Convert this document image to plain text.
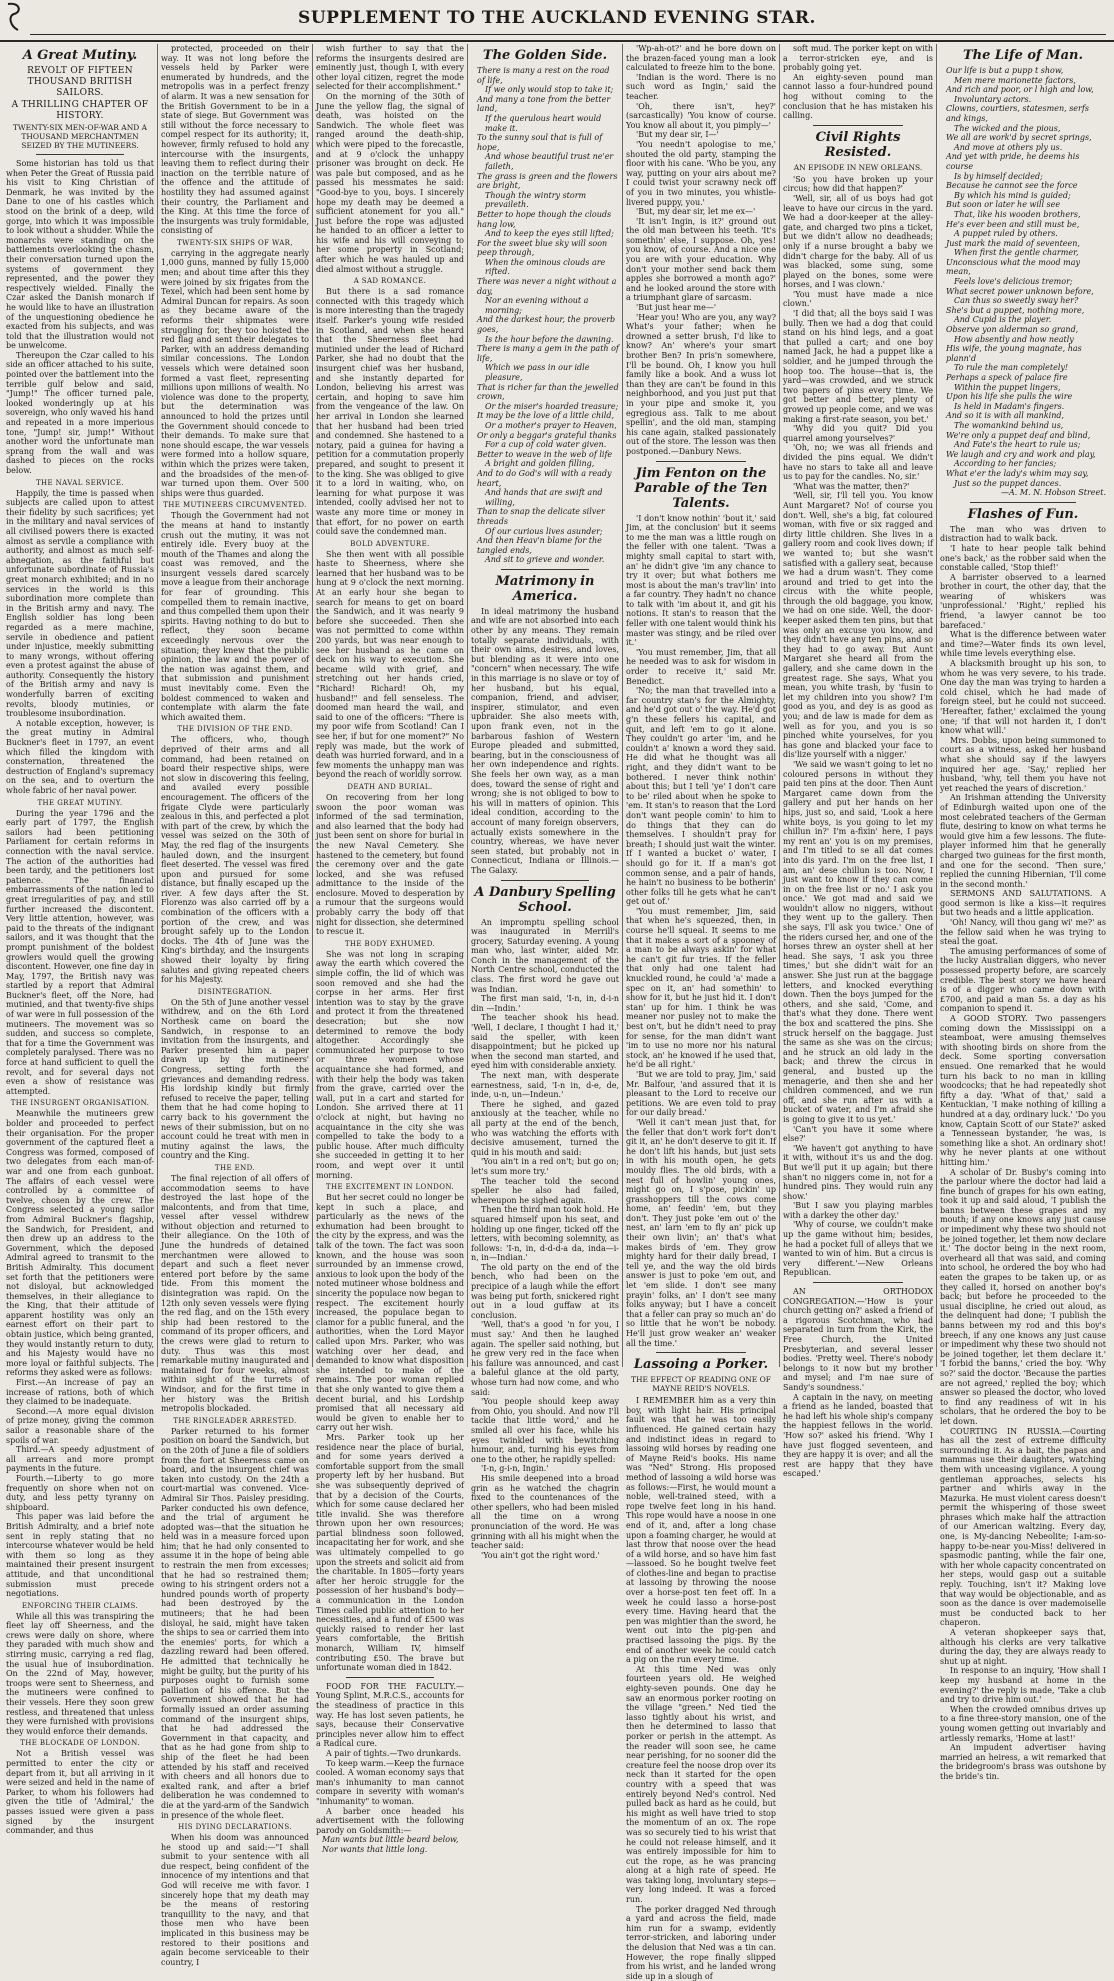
SUPPLEMENT TO THE AUCKLAND EVENING STAR.
A Great Mutiny.
REVOLT OF FIFTEEN THOUSAND BRITISH SAILORS.
A THRILLING CHAPTER OF HISTORY.
TWENTY-SIX MEN-OF-WAR AND A THOUSAND MERCHANTMEN SEIZED BY THE MUTINEERS.

Some historian has told us that when Peter the Great of Russia paid his visit to King Christian of Denmark, he was invited by the Dane to one of his castles which stood on the brink of a deep, wild gorge, into which it was impossible to look without a shudder. While the monarchs were standing on the battlements overlooking the chasm, their conversation turned upon the systems of government they represented, and the power they respectively wielded. Finally the Czar asked the Danish monarch if he would like to have an illustration of the unquestioning obedience he exacted from his subjects, and was told that the illustration would not be unwelcome.

Thereupon the Czar called to his side an officer attached to his suite, pointed over the battlement into the terrible gulf below and said, "Jump!" The officer turned pale, looked wonderingly up at his sovereign, who only waved his hand and repeated in a more imperious tone, "Jump! sir, jump!" Without another word the unfortunate man sprang from the wall and was dashed to pieces on the rocks below.

THE NAVAL SERVICE.

Happily, the time is passed when subjects are called upon to attest their fidelity by such sacrifices; yet in the military and naval services of all civilised powers there is exacted almost as servile a compliance with authority, and almost as much self-abnegation, as the faithful but unfortunate subordinate of Russia's great monarch exhibited; and in no services in the world is this subordination more complete than in the British army and navy. The English soldier has long been regarded as a mere machine, servile in obedience and patient under injustice, meekly submitting to many wrongs, without offering even a protest against the abuse of authority. Consequently the history of the British army and navy is wonderfully barren of exciting revolts, bloody mutinies, or troublesome insubordination.

A notable exception, however, is the great mutiny in Admiral Buckner's fleet in 1797, an event which filled the kingdom with consternation, threatened the destruction of England's supremacy on the sea, and to overturn the whole fabric of her naval power.

THE GREAT MUTINY.

During the year 1796 and the early part of 1797, the English sailors had been petitioning Parliament for certain reforms in connection with the naval service. The action of the authorities had been tardy, and the petitioners lost patience. The financial embarrassments of the nation led to great irregularities of pay, and still further increased the discontent. Very little attention, however, was paid to the threats of the indignant sailors, and it was thought that the prompt punishment of the boldest growlers would quell the growing discontent. However, one fine day in May, 1797, the British navy was startled by a report that Admiral Buckner's fleet, off the Nore, had mutinied, and that twenty-five ships of war were in full possession of the mutineers. The movement was so sudden, and success so complete, that for a time the Government was completely paralysed. There was no force at hand sufficient to quell the revolt, and for several days not even a show of resistance was attempted.

THE INSURGENT ORGANISATION.

Meanwhile the mutineers grew bolder and proceeded to perfect their organisation. For the proper government of the captured fleet a Congress was formed, composed of two delegates from each man-of-war and one from each gunboat. The affairs of each vessel were controlled by a committee of twelve, chosen by the crew. The Congress selected a young sailor from Admiral Buckner's flagship, the Sandwich, for President, and then drew up an address to the Government, which the deposed Admiral agreed to transmit to the British Admiralty. This document set forth that the petitioners were not disloyal, but acknowledged themselves, in their allegiance to the King, that their attitude of apparent hostility was only an earnest effort on their part to obtain justice, which being granted, they would instantly return to duty, and his Majesty would have no more loyal or faithful subjects. The reforms they asked were as follows:

First.—An increase of pay an increase of rations, both of which they claimed to be inadequate.

Second.—A more equal division of prize money, giving the common sailor a reasonable share of the spoils of war.

Third.—A speedy adjustment of all arrears and more prompt payments in the future.

Fourth.—Liberty to go more frequently on shore when not on duty, and less petty tyranny on shipboard.

This paper was laid before the British Admiralty, and a brief note sent in reply stating that no intercourse whatever would be held with them so long as they maintained their present insurgent attitude, and that unconditional submission must precede negotiations.

ENFORCING THEIR CLAIMS.

While all this was transpiring the fleet lay off Sheerness, and the crews were daily on shore, where they paraded with much show and stirring music, carrying a red flag, the usual hue of insubordination. On the 22nd of May, however, troops were sent to Sheerness, and the mutineers were confined to their vessels. Here they soon grew restless, and threatened that unless they were furnished with provisions they would enforce their demands.

THE BLOCKADE OF LONDON.

Not a British vessel was permitted to enter the city or depart from it, but all arriving in it were seized and held in the name of Parker, to whom his followers had given the title of 'Admiral,' the passes issued were given a pass signed by the insurgent commander, and thus

protected, proceeded on their way. It was not long before the vessels held by Parker were enumerated by hundreds, and the metropolis was in a perfect frenzy of alarm. It was a new sensation for the British Government to be in a state of siege. But Government was still without the force necessary to compel respect for its authority; it, however, firmly refused to hold any intercourse with the insurgents, leaving them to reflect during their inaction on the terrible nature of the offence and the attitude of hostility they had assumed against their country, the Parliament and the King. At this time the force of the insurgents was truly formidable, consisting of

TWENTY-SIX SHIPS OF WAR,

carrying in the aggregate nearly 1,000 guns, manned by fully 15,000 men; and about time after this they were joined by six frigates from the Texel, which had been sent home by Admiral Duncan for repairs. As soon as they became aware of the reforms their shipmates were struggling for, they too hoisted the red flag and sent their delegates to Parker, with an address demanding similar concessions. The London vessels which were detained soon formed a vast fleet, representing millions upon millions of wealth. No violence was done to the property, but the determination was announced to hold the prizes until the Government should concede to their demands. To make sure that none should escape, the war vessels were formed into a hollow square, within which the prizes were taken, and the broadsides of the men-of-war turned upon them. Over 500 ships were thus guarded.

THE MUTINEERS CIRCUMVENTED.

Though the Government had not the means at hand to instantly crush out the mutiny, it was not entirely idle. Every buoy at the mouth of the Thames and along the coast was removed, and the insurgent vessels dared scarcely move a league from their anchorage for fear of grounding. This compelled them to remain inactive, and thus compelled them upon their spirits. Having nothing to do but to reflect, they soon became exceedingly nervous over the situation; they knew that the public opinion, the law and the power of the nation was against them, and that submission and punishment must inevitably come. Even the boldest commenced to waken and contemplate with alarm the fate which awaited them.

THE DIVISION OF THE END.

The officers, who, though deprived of their arms and all command, had been retained on board their respective ships, were not slow in discovering this feeling, and availed every possible encouragement. The officers of the frigate Clyde were particularly zealous in this, and perfected a plot with part of the crew, by which the vessel was seized on the 30th of May, the red flag of the insurgents hauled down, and the insurgent fleet deserted. The vessel was fired upon and pursued for some distance, but finally escaped up the river. A few days after the St. Florenzo was also carried off by a combination of the officers with a portion of the crew, and was brought safely up to the London docks. The 4th of June was the King's birthday, and the insurgents showed their loyalty by firing salutes and giving repeated cheers for his Majesty.

DISINTEGRATION.

On the 5th of June another vessel withdrew, and on the 6th Lord Northesk came on board the Sandwich, in response to an invitation from the insurgents, and Parker presented him a paper drawn up by the mutineers' Congress, setting forth the grievances and demanding redress. His lordship kindly but firmly refused to receive the paper, telling them that he had come hoping to carry back to his government the news of their submission, but on no account could he treat with men in mutiny against the laws, the country and the King.

THE END.

The final rejection of all offers of accommodation seems to have destroyed the last hope of the malcontents, and from that time, vessel after vessel withdrew without objection and returned to their allegiance. On the 10th of June the hundreds of detained merchantmen were allowed to depart and such a fleet never entered port before by the same tide. From this moment the disintegration was rapid. On the 12th only seven vessels were flying the red flag, and on the 15th every ship had been restored to the command of its proper officers, and the crews were glad to return to duty. Thus was this most remarkable mutiny inaugurated and maintained for four weeks, almost within sight of the turrets of Windsor, and for the first time in her history was the British metropolis blockaded.

THE RINGLEADER ARRESTED.

Parker returned to his former position on board the Sandwich, but on the 20th of June a file of soldiers from the fort at Sheerness came on board, and the insurgent chief was taken into custody. On the 24th a court-martial was convened. Vice-Admiral Sir Thos. Paisley presiding. Parker conducted his own defence, and the trial of argument he adopted was—that the situation he held was in a measure forced upon him; that he had only consented to assume it in the hope of being able to restrain the men from excesses; that he had so restrained them; owing to his stringent orders not a hundred pounds worth of property had been destroyed by the mutineers; that he had been disloyal, he said, might have taken the ships to sea or carried them into the enemies' ports, for which a dazzling reward had been offered. He admitted that technically he might be guilty, but the purity of his purposes ought to furnish some palliation of his offence. But the Government showed that he had formally issued an order assuming command of the insurgent ships, that he had addressed the Government in that capacity, and that as he had gone from ship to ship of the fleet he had been attended by his staff and received with cheers and all honors due to exalted rank, and after a brief deliberation he was condemned to die at the yard-arm of the Sandwich in presence of the whole fleet.

HIS DYING DECLARATIONS.

When his doom was announced he stood up and said:—"I shall submit to your sentence with all due respect, being confident of the innocence of my intentions and that God will receive me with favor. I sincerely hope that my death may be the means of restoring tranquillity to the navy, and that those men who have been implicated in this business may be restored to their positions and again become serviceable to their country, I

wish further to say that the reforms the insurgents desired are eminently just, though I, with every other loyal citizen, regret the mode selected for their accomplishment."

On the morning of the 30th of June the yellow flag, the signal of death, was hoisted on the Sandwich. The whole fleet was ranged around the death-ship, which were piped to the forecastle, and at 9 o'clock the unhappy prisoner was brought on deck. He was pale but composed, and as he passed his messmates he said: "Good-bye to you, boys. I sincerely hope my death may be deemed a sufficient atonement for you all." Just before the rope was adjusted he handed to an officer a letter to his wife and his will conveying to her some property in Scotland; after which he was hauled up and died almost without a struggle.

A SAD ROMANCE.

But there is a sad romance connected with this tragedy which is more interesting than the tragedy itself. Parker's young wife resided in Scotland, and when she heard that the Sheerness fleet had mutinied under the lead of Richard Parker, she had no doubt that the insurgent chief was her husband, and she instantly departed for London, believing his arrest was certain, and hoping to save him from the vengeance of the law. On her arrival in London she learned that her husband had been tried and condemned. She hastened to a notary, paid a guinea for having a petition for a commutation properly prepared, and sought to present it to the king. She was obliged to give it to a lord in waiting, who, on learning for what purpose it was intended, coolly advised her not to waste any more time or money in that effort, for no power on earth could save the condemned man.

BOLD ADVENTURE.

She then went with all possible haste to Sheerness, where she learned that her husband was to be hung at 9 o'clock the next morning. At an early hour she began to search for means to get on board the Sandwich, and it was nearly 9 before she succeeded. Then she was not permitted to come within 200 yards, but was near enough to see her husband as he came on deck on his way to execution. She became wild with grief, and stretching out her hands cried, "Richard! Richard! Oh, my husband!" and fell senseless. The doomed man heard the wail, and said to one of the officers: "There is my poor wife from Scotland! Can I see her, if but for one moment?" No reply was made, but the work of death was hurried forward, and in a few moments the unhappy man was beyond the reach of worldly sorrow.

DEATH AND BURIAL.

On recovering from her long swoon the poor woman was informed of the sad termination, and also learned that the body had just been sent on shore for burial in the new Naval Cemetery. She hastened to the cemetery, but found the ceremony over and the gate locked, and she was refused admittance to the inside of the enclosure. Moved to desperation by a rumour that the surgeons would probably carry the body off that night for dissection, she determined to rescue it.

THE BODY EXHUMED.

She was not long in scraping away the earth which covered the simple coffin, the lid of which was soon removed and she had the corpse in her arms. Her first intention was to stay by the grave and protect it from the threatened desecration; but she now determined to remove the body altogether. Accordingly she communicated her purpose to two or three women whose acquaintance she had formed, and with their help the body was taken from the grave, carried over the wall, put in a cart and started for London. She arrived there at 11 o'clock at night, but having no acquaintance in the city she was compelled to take the body to a public house. After much difficulty she succeeded in getting it to her room, and wept over it until morning.

THE EXCITEMENT IN LONDON.

But her secret could no longer be kept in such a place, and particularly as the news of the exhumation had been brought to the city by the express, and was the talk of the town. The fact was soon known, and the house was soon surrounded by an immense crowd, anxious to look upon the body of the noted mutineer whose boldness and sincerity the populace now began to respect. The excitement hourly increased, the populace began to clamor for a public funeral, and the authorities, when the Lord Mayor called upon Mrs. Parker, who was watching over her dead, and demanded to know what disposition she intended to make of the remains. The poor woman replied that she only wanted to give them a decent burial, and his Lordship promised that all necessary aid would be given to enable her to carry out her wish.

Mrs. Parker took up her residence near the place of burial, and for some years derived a comfortable support from the small property left by her husband. But she was subsequently deprived of that by a decision of the Courts, which for some cause declared her title invalid. She was therefore thrown upon her own resources; partial blindness soon followed, incapacitating her for work, and she was ultimately compelled to go upon the streets and solicit aid from the charitable. In 1805—forty years after her heroic struggle for the possession of her husband's body—a communication in the London Times called public attention to her necessities, and a fund of £500 was quickly raised to render her last years comfortable, the British monarch, William IV, himself contributing £50. The brave but unfortunate woman died in 1842.

FOOD FOR THE FACULTY.—Young Splint, M.R.C.S., accounts for the steadiness of practice in this way. He has lost seven patients, he says, because their Conservative principles never allow him to effect a Radical cure.

A pair of tights.—Two drunkards.

To keep warm.—Keep the furnace cooled. A woman economy says that man's inhumanity to man cannot compare in severity with woman's "inhumanity" to woman.

A barber once headed his advertisement with the following parody on Goldsmith:—

Man wants but little beard below,

Nor wants that little long.

The Golden Side.

There is many a rest on the road of life,

If we only would stop to take it;

And many a tone from the better land,

If the querulous heart would make it.

To the sunny soul that is full of hope,

And whose beautiful trust ne'er faileth,

The grass is green and the flowers are bright,

Though the wintry storm prevaileth.

Better to hope though the clouds hang low,

And to keep the eyes still lifted;

For the sweet blue sky will soon peep through,

When the ominous clouds are rifted.

There was never a night without a day,

Nor an evening without a morning;

And the darkest hour, the proverb goes,

Is the hour before the dawning.

There is many a gem in the path of life,

Which we pass in our idle pleasure,

That is richer far than the jewelled crown,

Or the miser's hoarded treasure;

It may be the love of a little child,

Or a mother's prayer to Heaven,

Or only a beggar's grateful thanks

For a cup of cold water given.

Better to weave in the web of life

A bright and golden filling,

And to do God's will with a ready heart,

And hands that are swift and willing,

Than to snap the delicate silver threads

Of our curious lives asunder;

And then Heav'n blame for the tangled ends,

And sit to grieve and wonder.

Matrimony in America.

In ideal matrimony the husband and wife are not absorbed into each other by any means. They remain totally separate individuals, with their own aims, desires, and loves, but blending as it were into one "concern" when necessary. The wife in this marriage is no slave or toy of her husband, but his equal, companion, friend, and adviser, inspirer, stimulator, and even upbraider. She also meets with, upon frank even, not in the barbarous fashion of Western Europe pleaded and submitted, bearing, but in the consciousness of her own independence and rights. She feels her own way, as a man does, toward the sense of right and wrong; she is not obliged to bow to his will in matters of opinion. This ideal condition, according to the account of many foreign observers, actually exists somewhere in the country, whereas, we have never seen stated, but probably not in Connecticut, Indiana or Illinois.—The Galaxy.

A Danbury Spelling School.

An impromptu spelling school was inaugurated in Merrill's grocery, Saturday evening. A young man who, last winter, aided Mr. Conch in the management of the North Centre school, conducted the class. The first word he gave out was Indian.

The first man said, 'I-n, in, d-i-n din —Indin.'

The teacher shook his head. 'Well, I declare, I thought I had it,' said the speller, with keen disappointment; but he picked up when the second man started, and eyed him with considerable anxiety.

The next man, with desperate earnestness, said, 'I-n in, d-e, de, inde, u-n, un—Indeun.'

There he sighed, and gazed anxiously at the teacher, while no all party at the end of the bench, who was watching the efforts with decisive amusement, turned the quid in his mouth and said:

'You ain't in a red on't; but go on; let's sum more try.'

The teacher told the second speller he also had failed, whereupon he sighed again.

Then the third man took hold. He squared himself upon his seat, and holding up one finger, ticked off the letters, with becoming solemnity, as follows: 'I-n, in, d-d-d-a da, inda—i-n, in—Indian.'

The old party on the end of the bench, who had been on the precipice of a laugh while the effort was being put forth, snickered right out in a loud guffaw at its conclusion.

'Well, that's a good 'n for you, I must say.' And then he laughed again. The speller said nothing, but he grew very red in the face when his failure was announced, and cast a baleful glance at the old party, whose turn had now come, and who said:

'You people should keep away from Ohio, you should. And now I'll tackle that little word,' and he smiled all over his face, while his eyes twinkled with bewitching humour, and, turning his eyes from one to the other, he rapidly spelled:

'I-n, g-i-n, Ingin.'

His smile deepened into a broad grin as he watched the chagrin fixed to the countenances of the other spellers, who had been misled all the time on a wrong pronunciation of the word. He was grinning with all his might when the teacher said:

'You ain't got the right word.'

'Wp-ah-ot?' and he bore down on the brazen-faced young man a look calculated to freeze him to the bone.

'Indian is the word. There is no such word as Ingin,' said the teacher.

'Oh, there isn't, hey?' (sarcastically) 'You know of course. You know all about it, you pimply—'

'But my dear sir, I—'

'You needn't apologise to me,' shouted the old party, stamping the floor with his cane. 'Who be you, any way, putting on your airs about me? I could twist your scrawny neck off of you in two minutes, you whistle-livered puppy, you.'

'But, my dear sir, let me ex—'

'It isn't Ingin, is it?' ground out the old man between his teeth. 'It's somethin' else, I suppose. Oh, yes! you know, of course. And a nice one you are with your education. Why don't your mother send back them apples she borrowed a month ago?' and he looked around the store with a triumphant glare of sarcasm.

'But just hear me—'

'Hear you! Who are you, any way? What's your father; when he drowned a setter brush, I'd like to know? An' where's your smart brother Ben? In pris'n somewhere, I'll be bound. Oh, I know you hull family like a book. And a wuss lot than they are can't be found in this neighborhood, and you just put that in your pipe and smoke it, you egregious ass. Talk to me about spellin', and the old man, stamping his cane again, stalked passionately out of the store. The lesson was then postponed.—Danbury News.

Jim Fenton on the Parable of the Ten Talents.

'I don't know nothin' 'bout it,' said Jim, at the conclusion' but it seems to me the man was a little rough on the feller with one talent. 'Twas a mighty small capital to start with, an' he didn't give 'im any chance to try it over; but what bothers me most is about the man's trav'lin' into a far country. They hadn't no chance to talk with 'im about it, and git his notions. It stan's to reason that the feller with one talent would think his master was stingy, and be riled over it.'

'You must remember, Jim, that all he needed was to ask for wisdom in order to receive it,' said Mr. Benedict.

'No; the man that travelled into a far country stan's for the Almighty, and he'd got out o' the way. He'd got g'n these fellers his capital, and quit, and left 'em to go it alone. They couldn't go arter 'im, and he couldn't a' known a word they said. He did what he thought was all right, and they didn't want to be bothered. I never think nothin' about this; but I tell 'ye' I don't care to be' riled about when he spoke to 'em. It stan's to reason that the Lord don't want people comin' to him to do things that they can do themselves. I shouldn't pray for breath; I should just wait the winter. If I wanted a bucket o' water, I should go for it. If a man's got common sense, and a pair of hands, he hain't no business to be botherin' other folks till he gets what he can't get out of.'

'You must remember, Jim, said that when he's squeezed, then, in course he'll squeal. It seems to me that it makes a sort of a spooney of a man to be always askin' for what he can't git fur tries. If the feller that only had one talent had knuckled round, he could 'a' made a spec on it, an' had somethin' to show for it, but he just hid it. I don't stan' up for him. I think he was meaner nor pusley not to make the best on't, but he didn't need to pray for sense, for the man didn't want 'im to use no more nor his natural stock, an' he knowed if he used that, he'd be all right.'

'But we are told to pray, Jim,' said Mr. Balfour, 'and assured that it is pleasant to the Lord to receive our petitions. We are even told to pray for our daily bread.'

'Well it can't mean just that, for the feller that don't work for't don't git it, an' he don't deserve to git it. If he don't lift his hands, but just sets in with his mouth open, he gets mouldy flies. The old birds, with a nest full of howlin' young ones, might go on, I s'pose, pickin' up grasshoppers till the cows come home, an' feedin' 'em, but they don't. They just poke 'em out o' the nest, an' larn 'em to fly an' pick up their own livin'; an' that's what makes birds of 'em. They grow mighty hard for their daily bread, I tell ye, and the way the old birds answer is just to poke 'em out, and let 'em slide. I don't see many prayin' folks, an' I don't see many folks anyway; but I have a conceit that a feller can pray so much an' do so little that he won't be nobody. He'll just grow weaker an' weaker all the time.'

Lassoing a Porker.
THE EFFECT OF READING ONE OF MAYNE REID'S NOVELS.

I REMEMBER him as a very thin boy, with light hair. His principal fault was that he was too easily influenced. He gained certain hazy and indistinct ideas in regard to lassoing wild horses by reading one of Mayne Reid's books. His name was "Ned" Strong. His proposed method of lassoing a wild horse was as follows:—First, he would mount a noble, well-trained steed, with a rope twelve feet long in his hand. This rope would have a noose in one end of it, and, after a long chase upon a foaming charger, he would at last throw that noose over the head of a wild horse, and so have him fast—lassoed. So he bought twelve feet of clothes-line and began to practise at lassoing by throwing the noose over a horse-post ten feet off. In a week he could lasso a horse-post every time. Having heard that the pen was mightier than the sword, he went out into the pig-pen and practised lassoing the pigs. By the end of another week he could catch a pig on the run every time.

At this time Ned was only fourteen years old. He weighed eighty-seven pounds. One day he saw an enormous porker rooting on the village "green." Ned tied the lasso tightly about his wrist, and then he determined to lasso that porker or perish in the attempt. As the reader will soon see, he came near perishing, for no sooner did the creature feel the noose drop over its neck than it started for the open country with a speed that was entirely beyond Ned's control. Ned pulled back as hard as he could, but his might as well have tried to stop the momentum of an ox. The rope was so securely tied to his wrist that he could not release himself, and it was entirely impossible for him to cut the rope, as he was prancing along at a high rate of speed. He was taking long, involuntary steps—very long indeed. It was a forced run.

The porker dragged Ned through a yard and across the field, made him run for a swamp, evidently terror-stricken, and laboring under the delusion that Ned was a tin can. However, the rope finally slipped from his wrist, and he landed wrong side up in a slough of

soft mud. The porker kept on with a terror-stricken eye, and is probably going yet.

An eighty-seven pound man cannot lasso a four-hundred pound hog without coming to the conclusion that he has mistaken his calling.

Civil Rights Resisted.
AN EPISODE IN NEW ORLEANS.

'So you have broken up your circus; how did that happen?'

'Well, sir, all of us boys had got leave to have our circus in the yard. We had a door-keeper at the alley-gate, and charged two pins a ticket, but we didn't allow no deadheads; only if a nurse brought a baby we didn't charge for the baby. All of us was blacked, some sung, some played on the bones, some were horses, and I was clown.'

'You must have made a nice clown.'

'I did that; all the boys said I was bully. Then we had a dog that could stand on his hind legs, and a goat that pulled a cart; and one boy named Jack, he had a puppet like a soldier, and he jumped through the hoop too. The house—that is, the yard—was crowded, and we struck two papers of pins every time. We got better and better, plenty of growed up people come, and we was making a first-rate season, you bet.'

'Why did you quit? Did you quarrel among yourselves?'

'Oh, no; we was all friends and divided the pins equal. We didn't have no stars to take all and leave us to pay for the candles. No, sir.'

'What was the matter, then?'

'Well, sir, I'll tell you. You know Aunt Margaret? No! of course you don't. Well, she's a big, fat coloured woman, with five or six ragged and dirty little children. She lives in a gallery room and cook lives down; if we wanted to; but she wasn't satisfied with a gallery seat, because we had a drum wasn't. They come around and tried to get into the circus with the white people, through the old baggage, you know, we had on one side. Well, the door-keeper asked them ten pins, but that was only an excuse you know, and they didn't have any ten pins, and so they had to go away. But Aunt Margaret she heard all from the gallery, and she came down in the greatest rage. She says, What you mean, you white trash, by 'fusin to let my children into you show? I'm good as you, and dey is as good as you; and de law is made for dem as well as for you, and you is so pinched white yourselves, for you has gone and blacked your face to dis'lize yourself with a nigger.'

'We said we wasn't going to let no coloured persons in without they paid ten pins at the door. Then Aunt Margaret came down from the gallery and put her hands on her hips, just so, and said, 'Look a here white boys, is you going to let my chillun in?' I'm a-fixin' here, I pays my rent an' you is on my premises, and I'm titled to se all dat comes into dis yard. I'm on the free list, I am, an' dese chillun is too. Now, I just want to know if they can come in on the free list or no.' I ask you once.' We got mad and said we wouldn't allow no niggers, without they went up to the gallery. Then she says, I'll ask you twice.' One of the riders cursed her, and one of the horses threw an oyster shell at her head. She says, 'I ask you three times,' but she didn't wait for an answer. She just run at the baggage letters, and knocked everything down. Then the boys jumped for the others, and she said, 'Come, and that's what they done. There went the box and scattered the pins. She struck herself on the baggage. Just the same as she was on the circus; and he struck an old lady in the back; and threw the circus in general, and busted up the menagerie, and then she and her children commenced, and we run off, and she run after us with a bucket of water, and I'm afraid she is going to give it to us yet.'

'Can't you have it some where else?'

'We haven't got anything to have it with, without it's us and the dog. But we'll put it up again; but there shan't no niggers come in, not for a hundred pins. They would ruin any show.'

'But I saw you playing marbles with a darkey the other day.'

'Why of course, we couldn't make up the game without him; besides, he had a pocket full of alleys that we wanted to win of him. But a circus is very different.'—New Orleans Republican.

AN ORTHODOX CONGREGATION.—'How is your church getting on?' asked a friend of a rigorous Scotchman, who had separated in turn from the Kirk, the Free Church, the United Presbyterian, and several lesser bodies. 'Pretty weel. There's nobody belongs to it now but my brother and mysel; and I'm nae sure of Sandy's soundness.'

A captain in the navy, on meeting a friend as he landed, boasted that he had left his whole ship's company the happiest fellows in the world. 'How so?' asked his friend. 'Why I have just flogged seventeen, and they are happy it is over; and all the rest are happy that they have escaped.'

The Life of Man.

Our life is but a pupp t show,

Men mere marionette factors,

And rich and poor, or l high and low,

Involuntary actors.

Clowns, courtiers, statesmen, serfs and kings,

The wicked and the pious,

We all are work'd by secret springs,

And move at others ply us.

And yet with pride, he deems his course

Is by himself decided;

Because he cannot see the force

By which his mind is guided;

But soon or later he will see

That, like his wooden brothers,

He's ever been and still must be,

A puppet ruled by others.

Just mark the maid of seventeen,

When first the gentle charmer,

Unconscious what the mood may mean,

Feels love's delicious tremor;

What secret power unknown before,

Can thus so sweetly sway her?

She's but a puppet, nothing more,

And Cupid is the player.

Observe yon alderman so grand,

How absently and how neatly

His wife, the young magnate, has plann'd

To rule the man completely!

Perhaps a speck of palace fire

Within the puppet lingers,

Upon his life she pulls the wire

Is held in Madam's fingers.

And so it is with all mankind,

The womankind behind us,

We're only a puppet deaf and blind,

And Fate's the heart to rule us;

We laugh and cry and work and play,

According to her fancies;

What e'er the lady's whim may say,

Just so the puppet dances.

—A. M. N. Hobson Street.

Flashes of Fun.

The man who was driven to distraction had to walk back.

'I hate to hear people talk behind one's back,' as the robber said when the constable called, 'Stop thief!'

A barrister observed to a learned brother in court, the other day, that the wearing of whiskers was 'unprofessional.' 'Right,' replied his friend, 'a lawyer cannot be too barefaced.'

What is the difference between water and time?—Water finds its own level, while time levels everything else.

A blacksmith brought up his son, to whom he was very severe, to his trade. One day the man was trying to harden a cold chisel, which he had made of foreign steel, but he could not succeed. 'Hereafter, father,' exclaimed the young one; 'if that will not harden it, I don't know what will.'

Mrs. Dobbs, upon being summoned to court as a witness, asked her husband what she should say if the lawyers inquired her age. 'Say,' replied her husband, 'why, tell them you have not yet reached the years of discretion.'

An Irishman attending the University of Edinburgh waited upon one of the most celebrated teachers of the German flute, desiring to know on what terms he would give him a few lessons. The flute-player informed him that he generally charged two guineas for the first month, and one for the second. 'Then sure,' replied the cunning Hibernian, 'I'll come in the second month.'

SERMONS AND SALUTATIONS. A good sermon is like a kiss—it requires but two heads and a little application.

'Oh! Nancy, will thou gang wi' me?' as the fellow said when he was trying to steal the goat.

The amusing performances of some of the lucky Australian diggers, who never possessed property before, are scarcely credible. The best story we have heard is of a digger who came down with £700, and paid a man 5s. a day as his companion to spend it.

A GOOD STORY. Two passengers coming down the Mississippi on a steamboat, were amusing themselves with shooting birds on shore from the deck. Some sporting conversation ensued. One remarked that he would turn his back to no man in killing woodcocks; that he had repeatedly shot fifty a day. 'What of that,' said a Kentuckian, 'I make nothing of killing a hundred at a day, ordinary luck.' 'Do you know, Captain Scott of our State?' asked a Tennessean bystander, 'he was, is something like a shot. An ordinary shot! why he never plants at one without hitting him.'

A scholar of Dr. Busby's coming into the parlour where the doctor had laid a fine bunch of grapes for his own eating, took it up and said aloud, 'I publish the banns between these grapes and my mouth; if any one knows any just cause or impediment why these two should not be joined together, let them now declare it.' The doctor being in the next room, overheard all that was said, and coming into school, he ordered the boy who had eaten the grapes to be taken up, or as they called it, horsed on another boy's back; but before he proceeded to the usual discipline, he cried out aloud, as the delinquent had done; 'I publish the banns between my rod and this boy's breech, if any one knows any just cause or impediment why these two should not be joined together, let them declare it.' 'I forbid the banns,' cried the boy. 'Why so?' said the doctor. 'Because the parties are not agreed,' replied the boy; which answer so pleased the doctor, who loved to find any readiness of wit in his scholars, that he ordered the boy to be let down.

COURTING IN RUSSIA.—Courting has all the zest of extreme difficulty surrounding it. As a bait, the papas and mammas use their daughters, watching them with unceasing vigilance. A young gentleman approaches, selects his partner and whirls away in the Mazurka. He must violent caress doesn't permit the whispering of those sweet phrases which make half the attraction of our American waltzing. Every day, one, is My-dancing Nebeolite; I-am-so-happy to-be-near you-Miss! delivered in spasmodic panting, while the fair one, with her whole capacity concentrated on her steps, would gasp out a suitable reply. Touching, isn't it? Making love that way would be objectionable, and as soon as the dance is over mademoiselle must be conducted back to her chaperon.

A veteran shopkeeper says that, although his clerks are very talkative during the day, they are always ready to shut up at night.

In response to an inquiry, 'How shall I keep my husband at home in the evening?' the reply is made, 'Take a club and try to drive him out.'

When the crowded omnibus drives up to a fine three-story mansion, one of the young women getting out invariably and artlessly remarks, 'Home at last!'

An impudent advertiser having married an heiress, a wit remarked that the bridegroom's brass was outshone by the bride's tin.
